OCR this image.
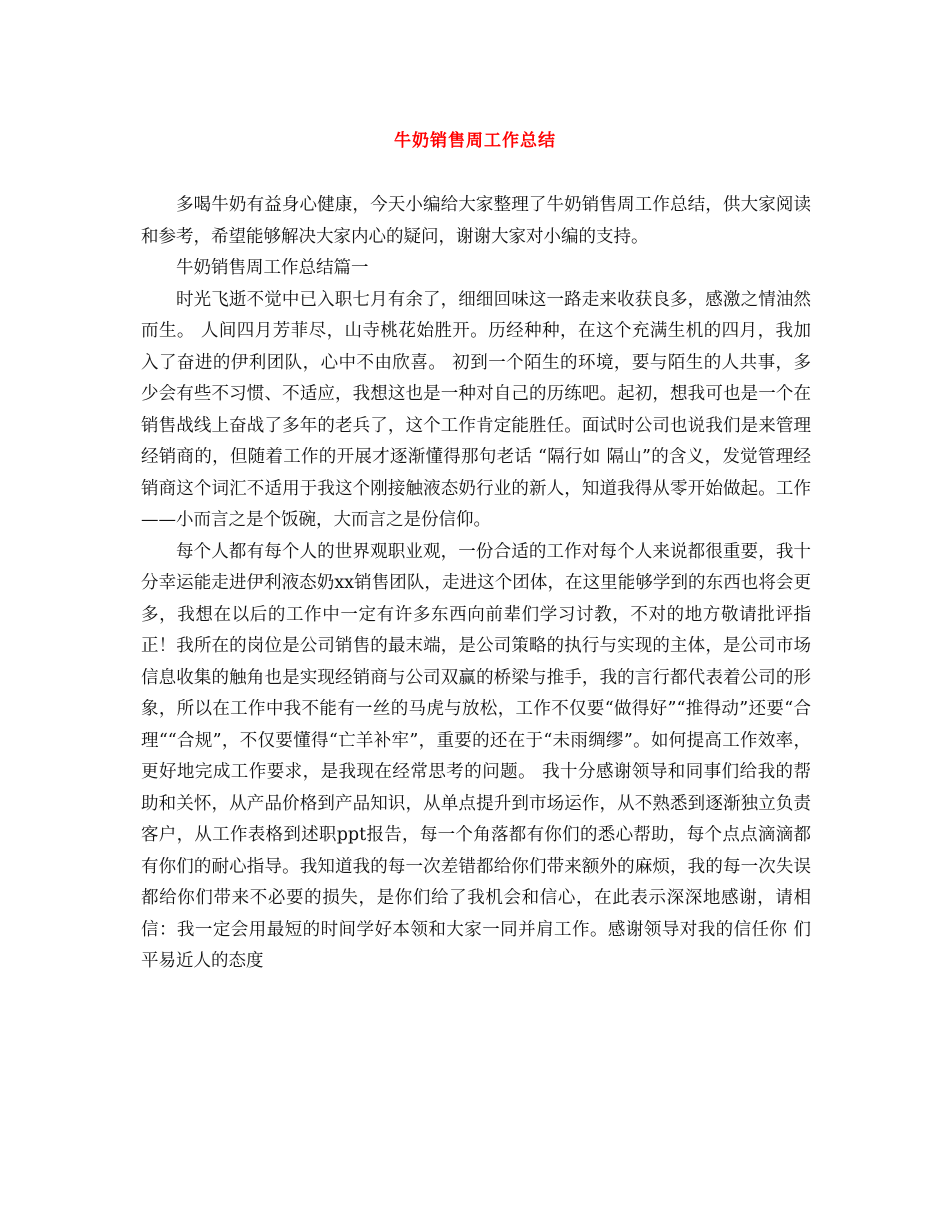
牛奶销售周工作总结

多喝牛奶有益身心健康，今天小编给大家整理了牛奶销售周工作总结，供大家阅读和参考，希望能够解决大家内心的疑问，谢谢大家对小编的支持。

牛奶销售周工作总结篇一

时光飞逝不觉中已入职七月有余了，细细回味这一路走来收获良多，感激之情油然而生。 人间四月芳菲尽，山寺桃花始胜开。历经种种，在这个充满生机的四月，我加入了奋进的伊利团队，心中不由欣喜。 初到一个陌生的环境，要与陌生的人共事，多少会有些不习惯、不适应，我想这也是一种对自己的历练吧。起初，想我可也是一个在销售战线上奋战了多年的老兵了，这个工作肯定能胜任。面试时公司也说我们是来管理经销商的，但随着工作的开展才逐渐懂得那句老话 “隔行如 隔山”的含义，发觉管理经销商这个词汇不适用于我这个刚接触液态奶行业的新人，知道我得从零开始做起。工作——小而言之是个饭碗，大而言之是份信仰。

每个人都有每个人的世界观职业观，一份合适的工作对每个人来说都很重要，我十分幸运能走进伊利液态奶xx销售团队，走进这个团体，在这里能够学到的东西也将会更多，我想在以后的工作中一定有许多东西向前辈们学习讨教，不对的地方敬请批评指正！我所在的岗位是公司销售的最末端，是公司策略的执行与实现的主体，是公司市场信息收集的触角也是实现经销商与公司双赢的桥梁与推手，我的言行都代表着公司的形象，所以在工作中我不能有一丝的马虎与放松，工作不仅要“做得好”“推得动”还要“合理““合规”，不仅要懂得“亡羊补牢”，重要的还在于“未雨绸缪”。如何提高工作效率，更好地完成工作要求，是我现在经常思考的问题。 我十分感谢领导和同事们给我的帮助和关怀，从产品价格到产品知识，从单点提升到市场运作，从不熟悉到逐渐独立负责客户，从工作表格到述职ppt报告，每一个角落都有你们的悉心帮助，每个点点滴滴都有你们的耐心指导。我知道我的每一次差错都给你们带来额外的麻烦，我的每一次失误都给你们带来不必要的损失，是你们给了我机会和信心，在此表示深深地感谢，请相信：我一定会用最短的时间学好本领和大家一同并肩工作。感谢领导对我的信任你 们平易近人的态度
